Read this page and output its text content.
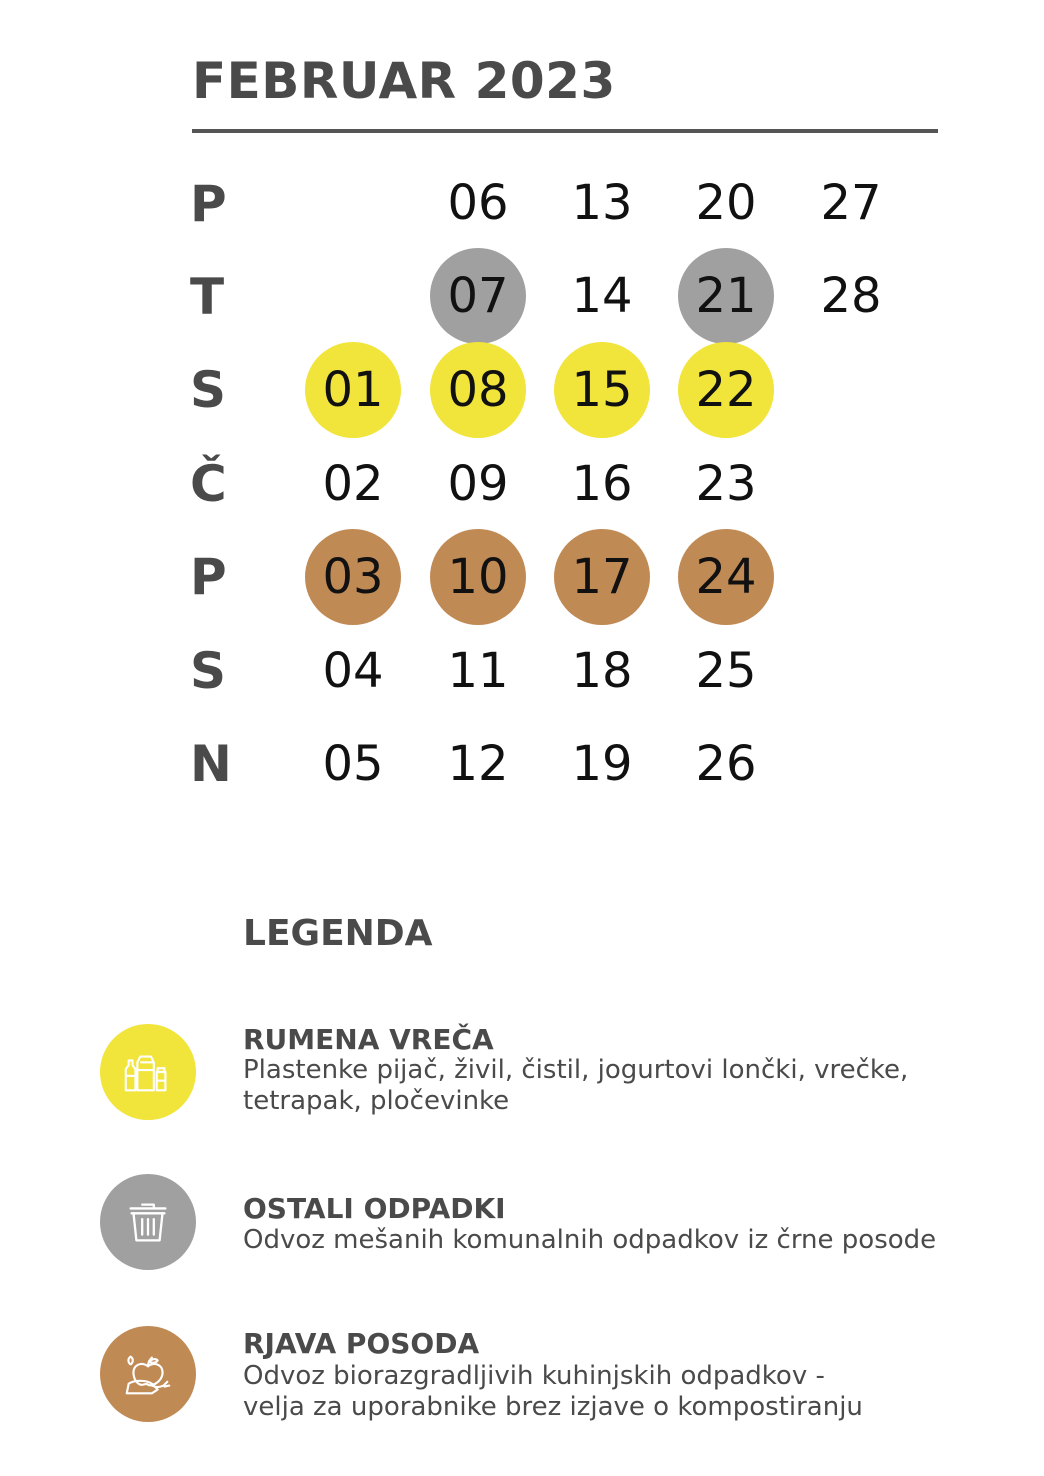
FEBRUAR 2023
P
T
S
Č
P
S
N
01
02
03
04
05
06
07
08
09
10
11
12
13
14
15
16
17
18
19
20
21
22
23
24
25
26
27
28
LEGENDA
RUMENA VREČA
Plastenke pijač, živil, čistil, jogurtovi lončki, vrečke,
tetrapak, pločevinke
OSTALI ODPADKI
Odvoz mešanih komunalnih odpadkov iz črne posode
RJAVA POSODA
Odvoz biorazgradljivih kuhinjskih odpadkov -
velja za uporabnike brez izjave o kompostiranju
